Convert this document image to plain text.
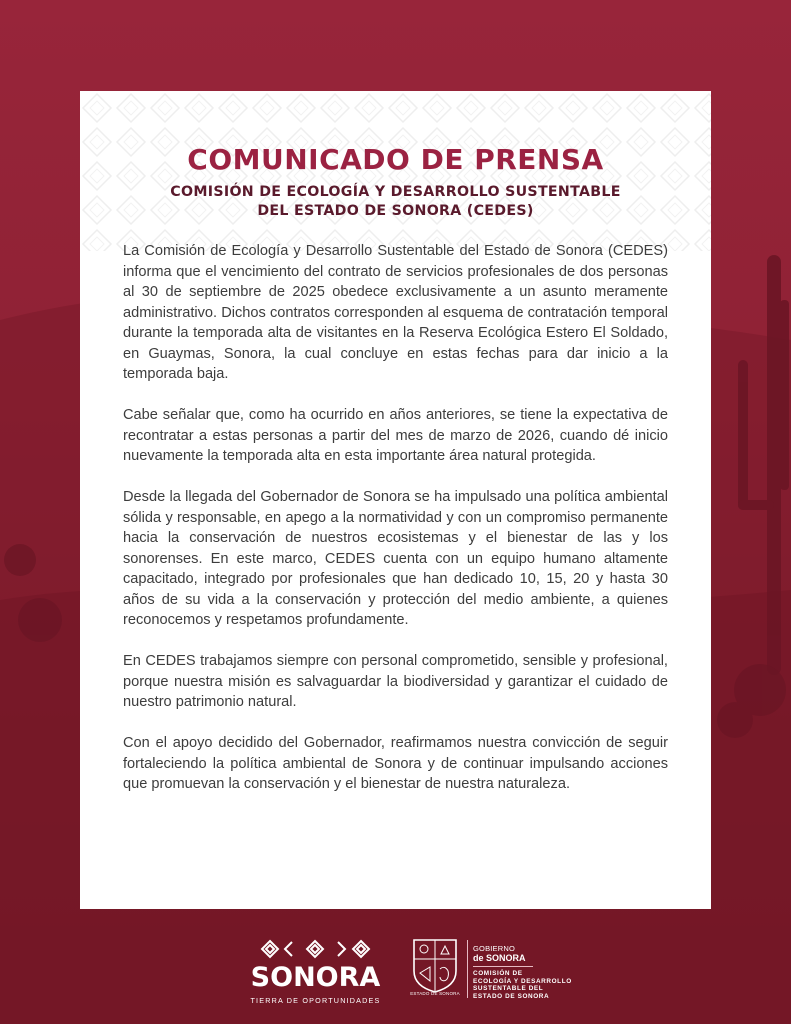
COMUNICADO DE PRENSA
COMISIÓN DE ECOLOGÍA Y DESARROLLO SUSTENTABLE
DEL ESTADO DE SONORA (CEDES)

La Comisión de Ecología y Desarrollo Sustentable del Estado de Sonora (CEDES) informa que el vencimiento del contrato de servicios profesionales de dos personas al 30 de septiembre de 2025 obedece exclusivamente a un asunto meramente administrativo. Dichos contratos corresponden al esquema de contratación temporal durante la temporada alta de visitantes en la Reserva Ecológica Estero El Soldado, en Guaymas, Sonora, la cual concluye en estas fechas para dar inicio a la temporada baja.

Cabe señalar que, como ha ocurrido en años anteriores, se tiene la expectativa de recontratar a estas personas a partir del mes de marzo de 2026, cuando dé inicio nuevamente la temporada alta en esta importante área natural protegida.

Desde la llegada del Gobernador de Sonora se ha impulsado una política ambiental sólida y responsable, en apego a la normatividad y con un compromiso permanente hacia la conservación de nuestros ecosistemas y el bienestar de las y los sonorenses. En este marco, CEDES cuenta con un equipo humano altamente capacitado, integrado por profesionales que han dedicado 10, 15, 20 y hasta 30 años de su vida a la conservación y protección del medio ambiente, a quienes reconocemos y respetamos profundamente.

En CEDES trabajamos siempre con personal comprometido, sensible y profesional, porque nuestra misión es salvaguardar la biodiversidad y garantizar el cuidado de nuestro patrimonio natural.

Con el apoyo decidido del Gobernador, reafirmamos nuestra convicción de seguir fortaleciendo la política ambiental de Sonora y de continuar impulsando acciones que promuevan la conservación y el bienestar de nuestra naturaleza.

SONORA
TIERRA DE OPORTUNIDADES
ESTADO DE SONORA
GOBIERNO
de SONORA
COMISIÓN DE
ECOLOGÍA Y DESARROLLO
SUSTENTABLE DEL
ESTADO DE SONORA
